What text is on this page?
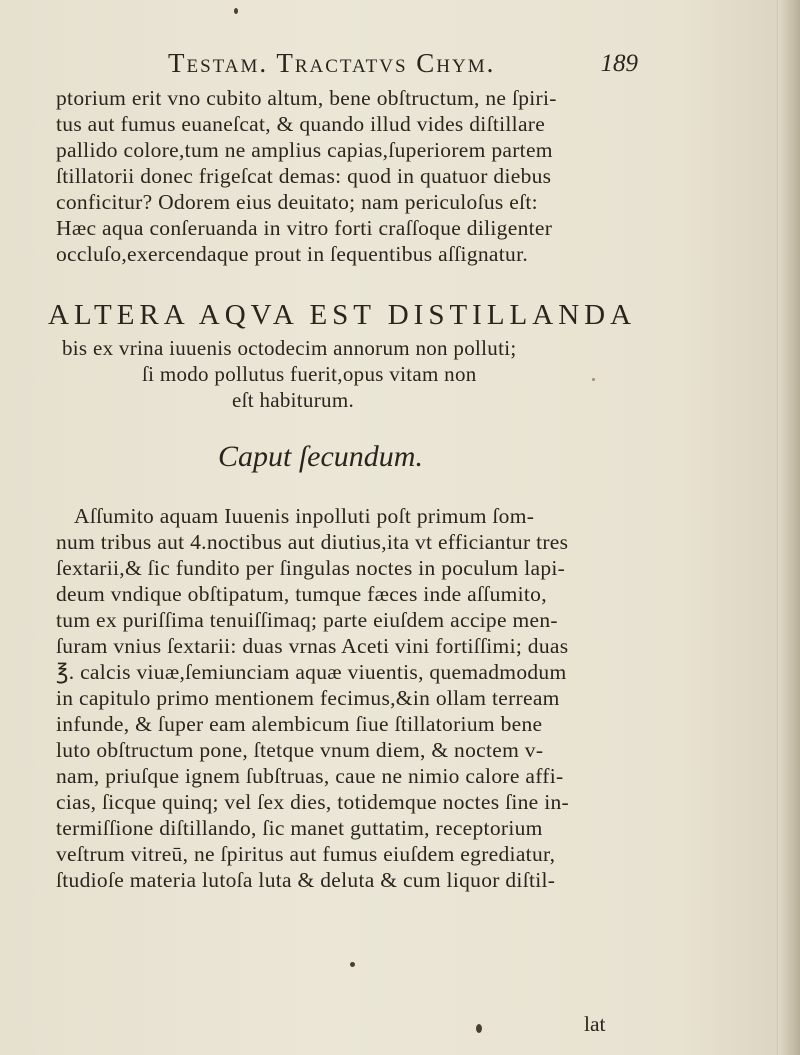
Testam. Tractatvs Chym.	189
ptorium erit vno cubito altum, bene obſtructum, ne ſpiri-
tus aut fumus euaneſcat, & quando illud vides diſtillare
pallido colore,tum ne amplius capias,ſuperiorem partem
ſtillatorii donec frigeſcat demas: quod in quatuor diebus
conficitur? Odorem eius deuitato; nam periculoſus eſt:
Hæc aqua conſeruanda in vitro forti craſſoque diligenter
occluſo,exercendaque prout in ſequentibus aſſignatur.
ALTERA AQVA EST DISTILLANDA
bis ex vrina iuuenis octodecim annorum non polluti;
ſi modo pollutus fuerit,opus vitam non
eſt habiturum.
Caput ſecundum.
Aſſumito aquam Iuuenis inpolluti poſt primum ſom-
num tribus aut 4.noctibus aut diutius,ita vt efficiantur tres
ſextarii,& ſic fundito per ſingulas noctes in poculum lapi-
deum vndique obſtipatum, tumque fæces inde aſſumito,
tum ex puriſſima tenuiſſimaq; parte eiuſdem accipe men-
ſuram vnius ſextarii: duas vrnas Aceti vini fortiſſimi; duas
℥. calcis viuæ,ſemiunciam aquæ viuentis, quemadmodum
in capitulo primo mentionem fecimus,&in ollam terream
infunde, & ſuper eam alembicum ſiue ſtillatorium bene
luto obſtructum pone, ſtetque vnum diem, & noctem v-
nam, priuſque ignem ſubſtruas, caue ne nimio calore affi-
cias, ſicque quinq; vel ſex dies, totidemque noctes ſine in-
termiſſione diſtillando, ſic manet guttatim, receptorium
veſtrum vitreū, ne ſpiritus aut fumus eiuſdem egrediatur,
ſtudioſe materia lutoſa luta & deluta & cum liquor diſtil-
lat
